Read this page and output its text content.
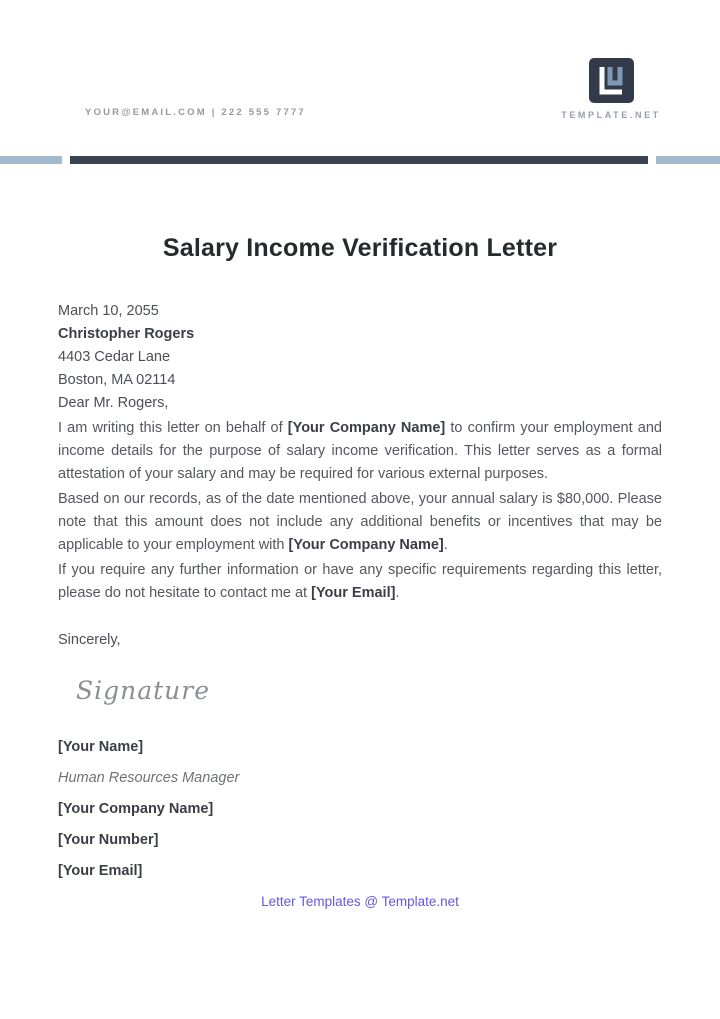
YOUR@EMAIL.COM | 222 555 7777	TEMPLATE.NET
Salary Income Verification Letter
March 10, 2055
Christopher Rogers
4403 Cedar Lane
Boston, MA 02114
Dear Mr. Rogers,

I am writing this letter on behalf of [Your Company Name] to confirm your employment and income details for the purpose of salary income verification. This letter serves as a formal attestation of your salary and may be required for various external purposes.

Based on our records, as of the date mentioned above, your annual salary is $80,000. Please note that this amount does not include any additional benefits or incentives that may be applicable to your employment with [Your Company Name].

If you require any further information or have any specific requirements regarding this letter, please do not hesitate to contact me at [Your Email].

Sincerely,
Signature
[Your Name]
Human Resources Manager
[Your Company Name]
[Your Number]
[Your Email]
Letter Templates @ Template.net
